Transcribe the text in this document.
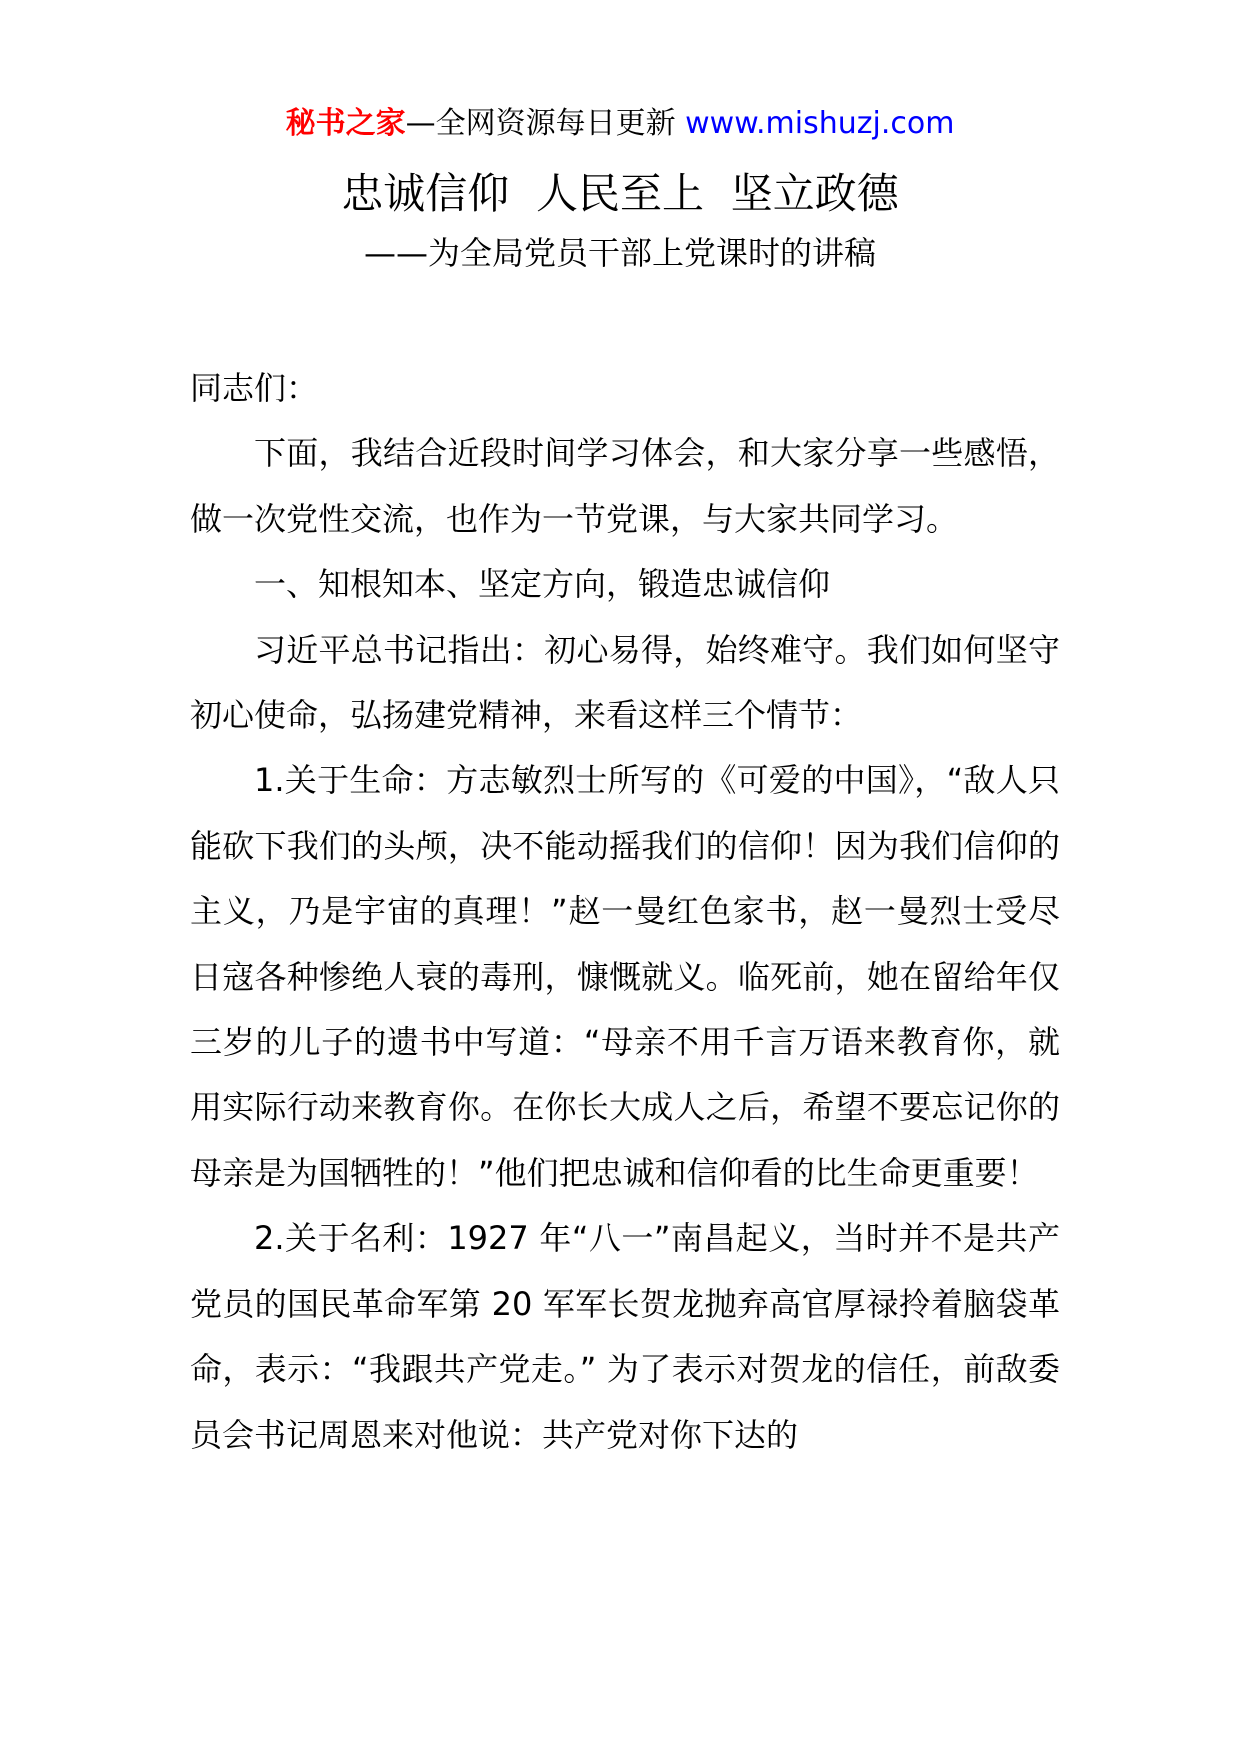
秘书之家—全网资源每日更新 www.mishuzj.com
忠诚信仰  人民至上  坚立政德
——为全局党员干部上党课时的讲稿

同志们：

下面，我结合近段时间学习体会，和大家分享一些感悟，做一次党性交流，也作为一节党课，与大家共同学习。

一、知根知本、坚定方向，锻造忠诚信仰

习近平总书记指出：初心易得，始终难守。我们如何坚守初心使命，弘扬建党精神，来看这样三个情节：

1.关于生命：方志敏烈士所写的《可爱的中国》，“敌人只能砍下我们的头颅，决不能动摇我们的信仰！因为我们信仰的主义，乃是宇宙的真理！”赵一曼红色家书，赵一曼烈士受尽日寇各种惨绝人衰的毒刑，慷慨就义。临死前，她在留给年仅三岁的儿子的遗书中写道：“母亲不用千言万语来教育你，就用实际行动来教育你。在你长大成人之后，希望不要忘记你的母亲是为国牺牲的！”他们把忠诚和信仰看的比生命更重要！

2.关于名利：1927 年“八一”南昌起义，当时并不是共产党员的国民革命军第 20 军军长贺龙抛弃高官厚禄拎着脑袋革命，表示：“我跟共产党走。” 为了表示对贺龙的信任，前敌委员会书记周恩来对他说：共产党对你下达的
